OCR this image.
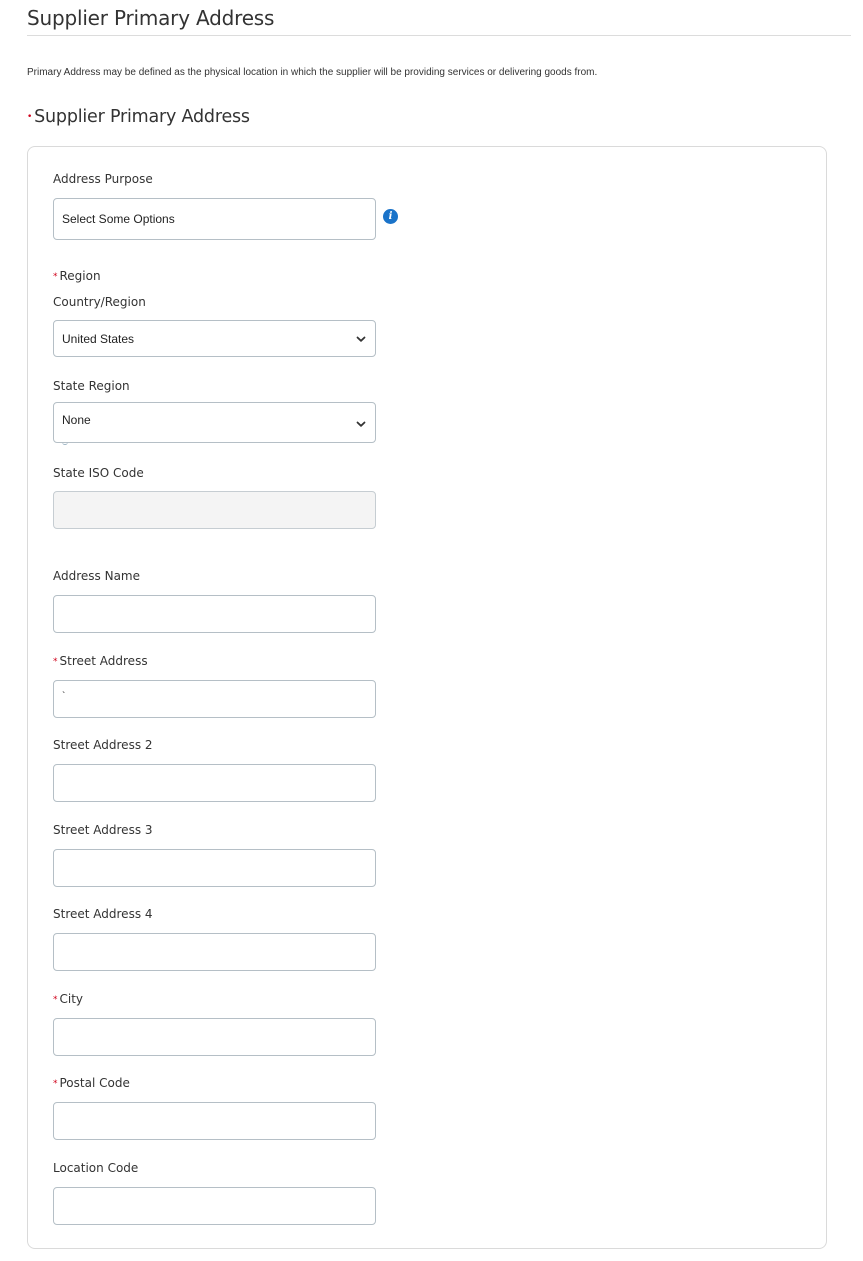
Supplier Primary Address

Primary Address may be defined as the physical location in which the supplier will be providing services or delivering goods from.

• Supplier Primary Address
Address Purpose
Select Some Options	i
* Region
Country/Region
United States
State Region
None
State ISO Code
Address Name
* Street Address
`
Street Address 2
Street Address 3
Street Address 4
* City
* Postal Code
Location Code
